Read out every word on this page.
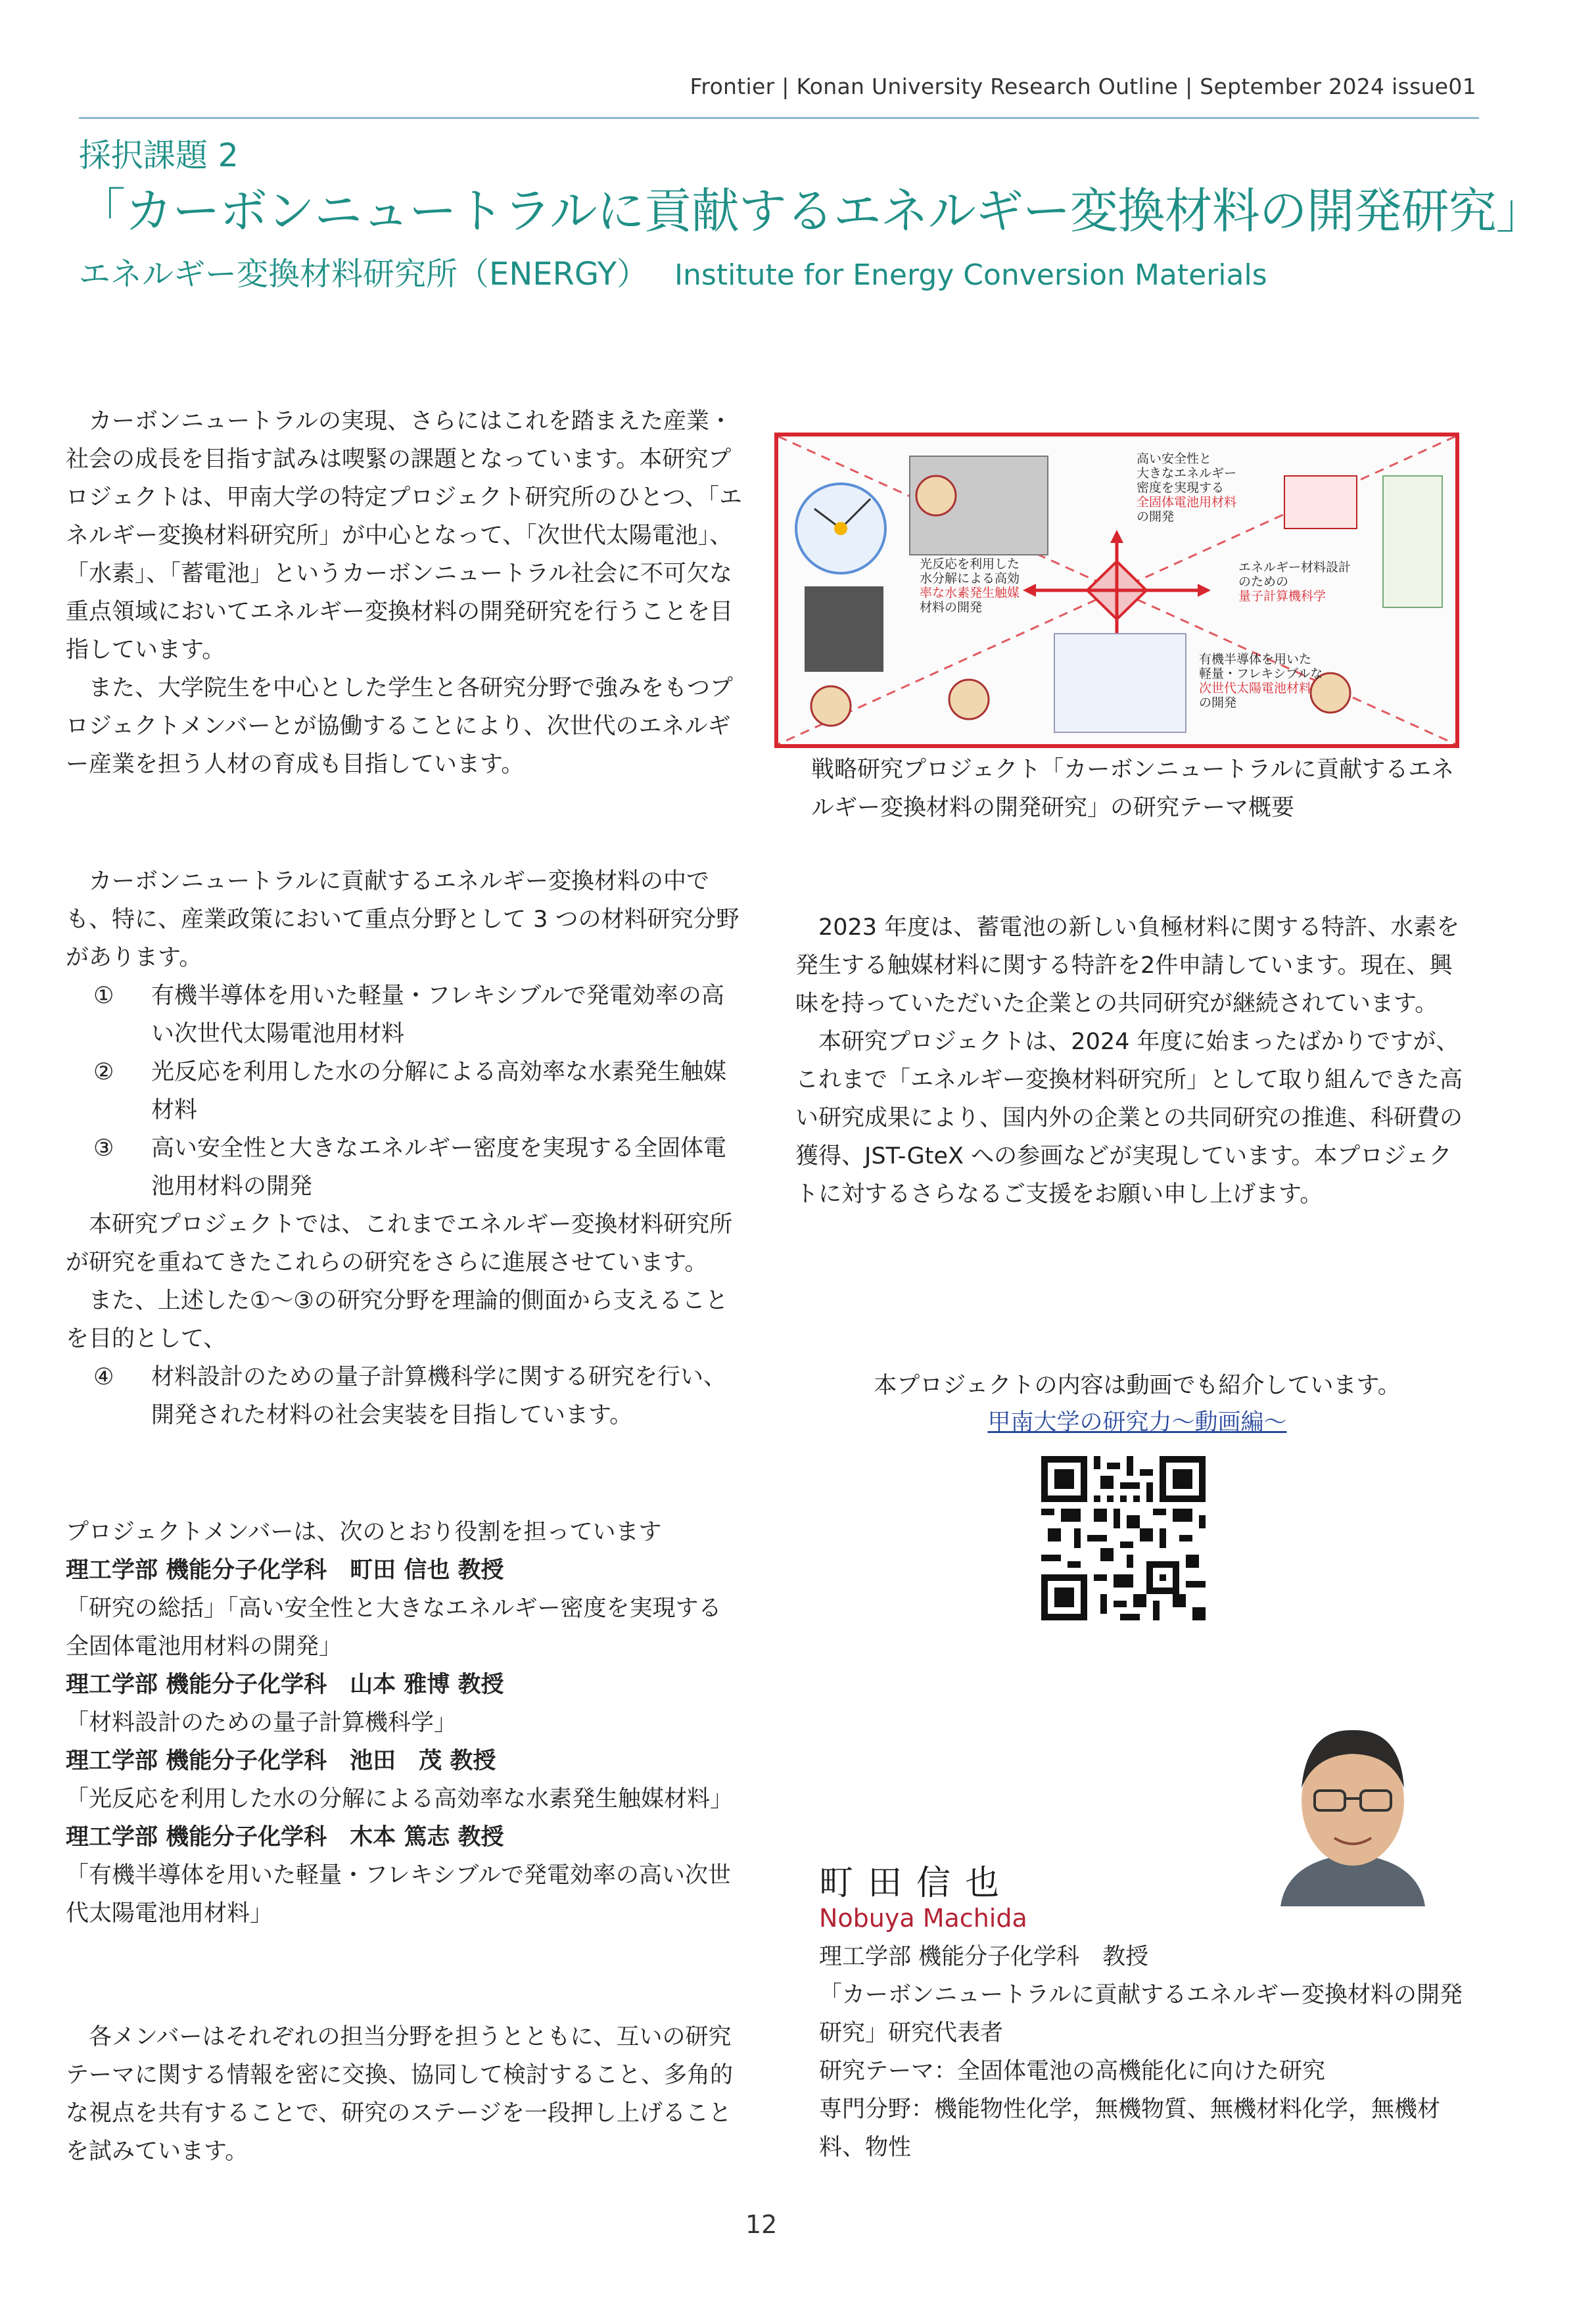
Frontier | Konan University Research Outline | September 2024 issue01
採択課題 2
「カーボンニュートラルに貢献するエネルギー変換材料の開発研究」
エネルギー変換材料研究所（ENERGY） Institute for Energy Conversion Materials

カーボンニュートラルの実現、さらにはこれを踏まえた産業・社会の成長を目指す試みは喫緊の課題となっています。本研究プロジェクトは、甲南大学の特定プロジェクト研究所のひとつ、「エネルギー変換材料研究所」が中心となって、「次世代太陽電池」、「水素」、「蓄電池」というカーボンニュートラル社会に不可欠な重点領域においてエネルギー変換材料の開発研究を行うことを目指しています。

また、大学院生を中心とした学生と各研究分野で強みをもつプロジェクトメンバーとが協働することにより、次世代のエネルギー産業を担う人材の育成も目指しています。

高い安全性と
大きなエネルギー
密度を実現する
全固体電池用材料
の開発
光反応を利用した
水分解による高効
率な水素発生触媒
材料の開発
エネルギー材料設計
のための
量子計算機科学
有機半導体を用いた
軽量・フレキシブルな
次世代太陽電池材料
の開発
戦略研究プロジェクト「カーボンニュートラルに貢献するエネルギー変換材料の開発研究」の研究テーマ概要

カーボンニュートラルに貢献するエネルギー変換材料の中でも、特に、産業政策において重点分野として 3 つの材料研究分野があります。

① 有機半導体を用いた軽量・フレキシブルで発電効率の高い次世代太陽電池用材料

② 光反応を利用した水の分解による高効率な水素発生触媒材料

③ 高い安全性と大きなエネルギー密度を実現する全固体電池用材料の開発

本研究プロジェクトでは、これまでエネルギー変換材料研究所が研究を重ねてきたこれらの研究をさらに進展させています。

また、上述した①～③の研究分野を理論的側面から支えることを目的として、

④ 材料設計のための量子計算機科学に関する研究を行い、開発された材料の社会実装を目指しています。

プロジェクトメンバーは、次のとおり役割を担っています

理工学部 機能分子化学科　町田 信也 教授

「研究の総括」「高い安全性と大きなエネルギー密度を実現する全固体電池用材料の開発」

理工学部 機能分子化学科　山本 雅博 教授

「材料設計のための量子計算機科学」

理工学部 機能分子化学科　池田　茂 教授

「光反応を利用した水の分解による高効率な水素発生触媒材料」

理工学部 機能分子化学科　木本 篤志 教授

「有機半導体を用いた軽量・フレキシブルで発電効率の高い次世代太陽電池用材料」

各メンバーはそれぞれの担当分野を担うとともに、互いの研究テーマに関する情報を密に交換、協同して検討すること、多角的な視点を共有することで、研究のステージを一段押し上げることを試みています。

2023 年度は、蓄電池の新しい負極材料に関する特許、水素を発生する触媒材料に関する特許を2件申請しています。現在、興味を持っていただいた企業との共同研究が継続されています。

本研究プロジェクトは、2024 年度に始まったばかりですが、これまで「エネルギー変換材料研究所」として取り組んできた高い研究成果により、国内外の企業との共同研究の推進、科研費の獲得、JST-GteX への参画などが実現しています。本プロジェクトに対するさらなるご支援をお願い申し上げます。

本プロジェクトの内容は動画でも紹介しています。
甲南大学の研究力～動画編～
町田信也
Nobuya Machida
理工学部 機能分子化学科　教授
「カーボンニュートラルに貢献するエネルギー変換材料の開発研究」研究代表者
研究テーマ：全固体電池の高機能化に向けた研究
専門分野：機能物性化学，無機物質、無機材料化学，無機材料、物性
12
